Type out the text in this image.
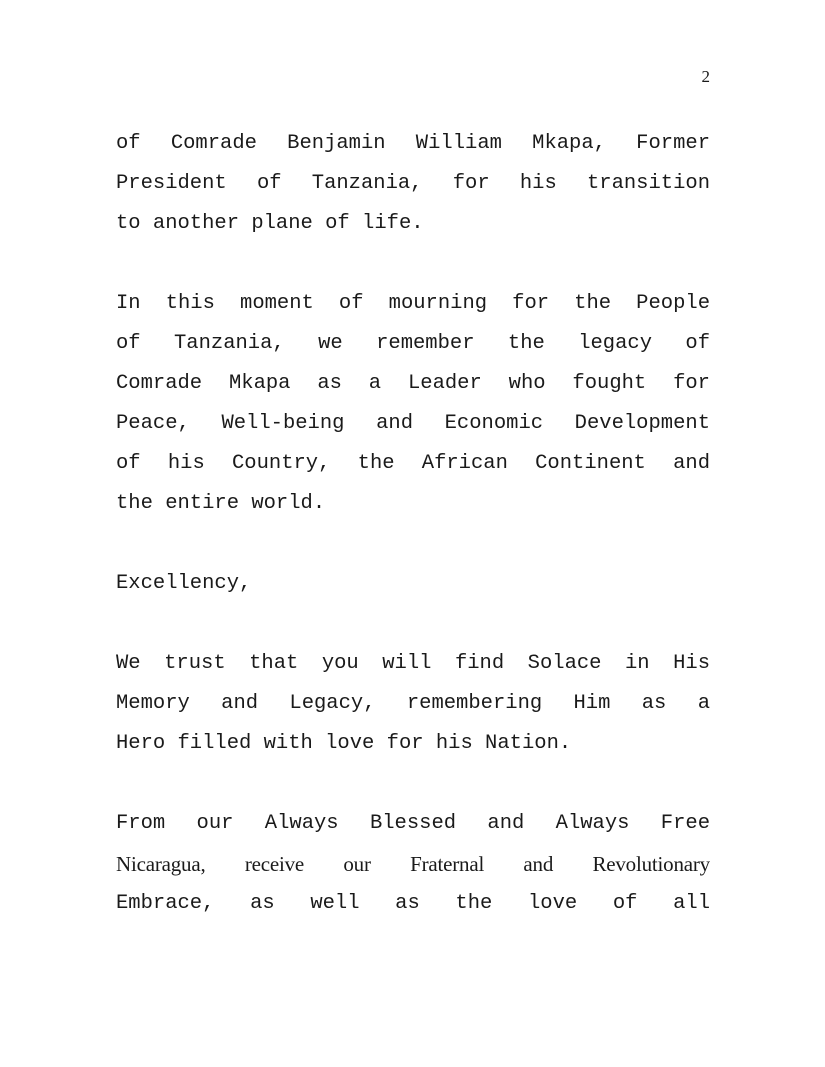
2

of Comrade Benjamin William Mkapa, Former
President of Tanzania, for his transition
to another plane of life.

In this moment of mourning for the People
of Tanzania, we remember the legacy of
Comrade Mkapa as a Leader who fought for
Peace, Well-being and Economic Development
of his Country, the African Continent and
the entire world.

Excellency,

We trust that you will find Solace in His
Memory and Legacy, remembering Him as a
Hero filled with love for his Nation.

From our Always Blessed and Always Free
Nicaragua, receive our Fraternal and Revolutionary
Embrace, as well as the love of all
